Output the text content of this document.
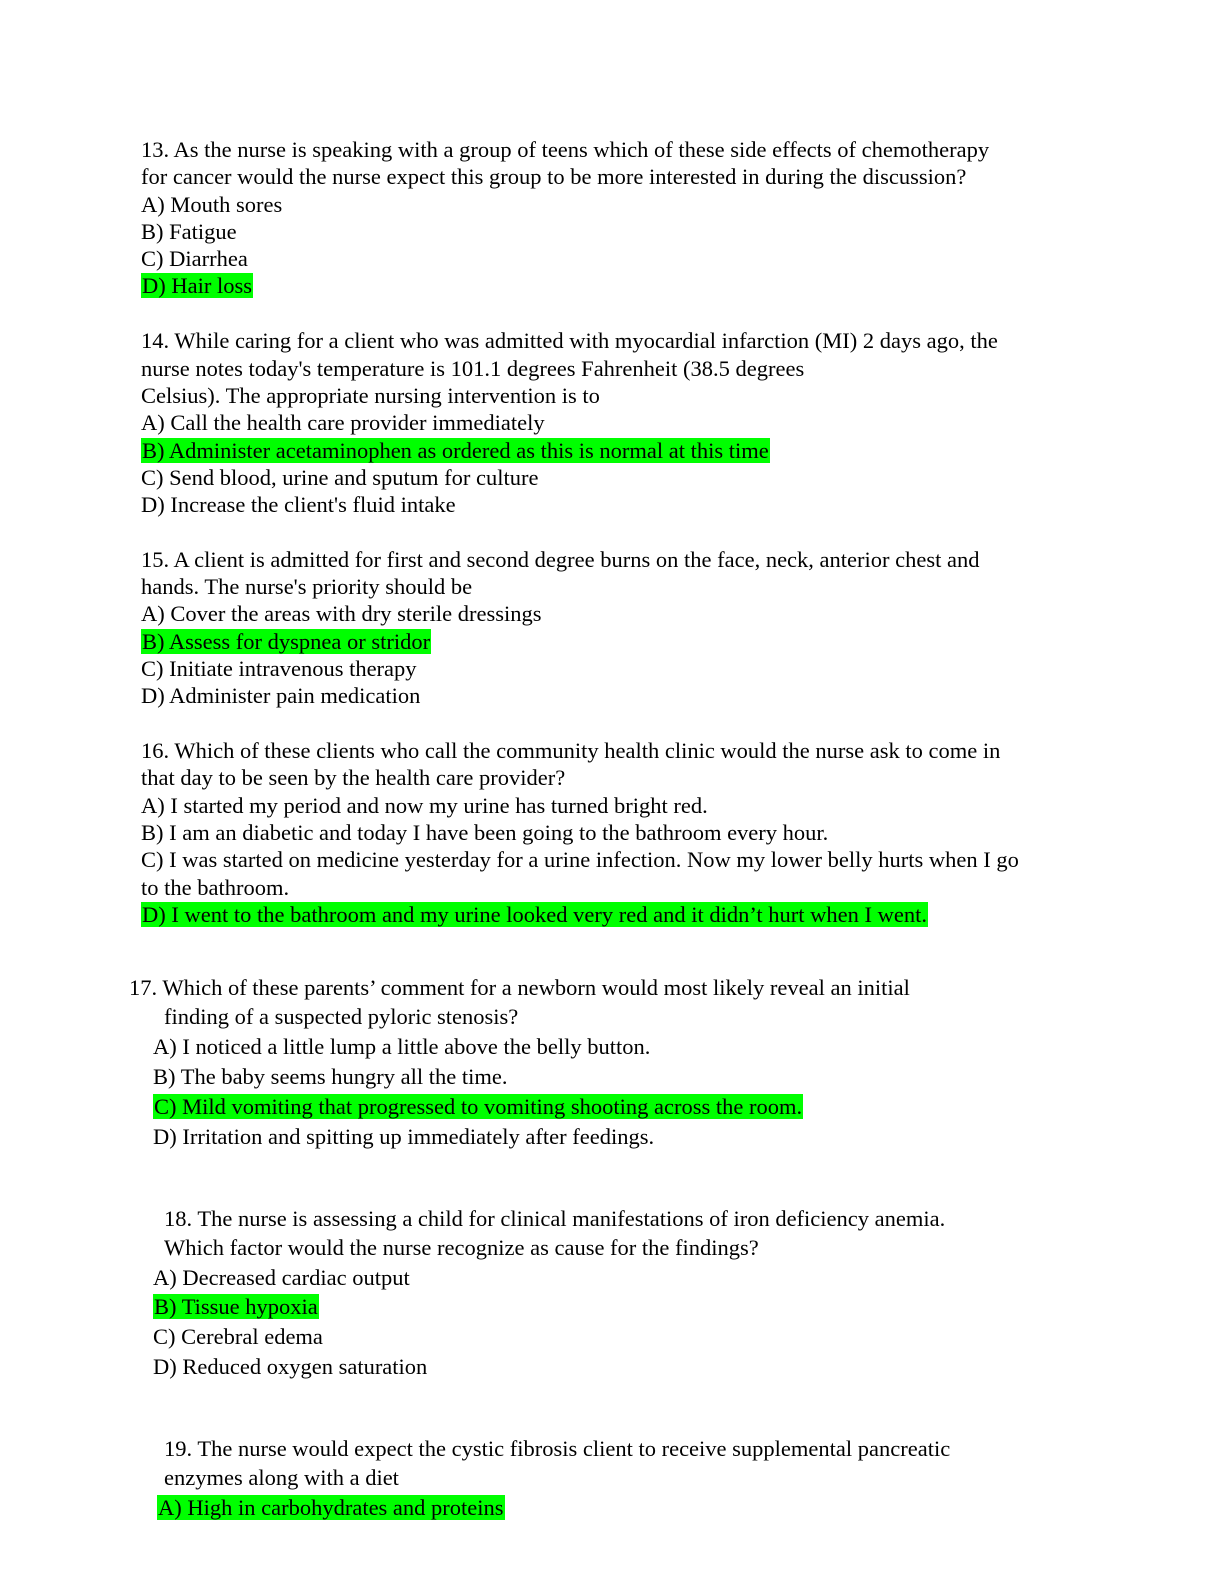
13. As the nurse is speaking with a group of teens which of these side effects of chemotherapy
for cancer would the nurse expect this group to be more interested in during the discussion?
A) Mouth sores
B) Fatigue
C) Diarrhea
D) Hair loss
14. While caring for a client who was admitted with myocardial infarction (MI) 2 days ago, the
nurse notes today's temperature is 101.1 degrees Fahrenheit (38.5 degrees
Celsius). The appropriate nursing intervention is to
A) Call the health care provider immediately
B) Administer acetaminophen as ordered as this is normal at this time
C) Send blood, urine and sputum for culture
D) Increase the client's fluid intake
15. A client is admitted for first and second degree burns on the face, neck, anterior chest and
hands. The nurse's priority should be
A) Cover the areas with dry sterile dressings
B) Assess for dyspnea or stridor
C) Initiate intravenous therapy
D) Administer pain medication
16. Which of these clients who call the community health clinic would the nurse ask to come in
that day to be seen by the health care provider?
A) I started my period and now my urine has turned bright red.
B) I am an diabetic and today I have been going to the bathroom every hour.
C) I was started on medicine yesterday for a urine infection. Now my lower belly hurts when I go
to the bathroom.
D) I went to the bathroom and my urine looked very red and it didn’t hurt when I went.
17. Which of these parents’ comment for a newborn would most likely reveal an initial
finding of a suspected pyloric stenosis?
A) I noticed a little lump a little above the belly button.
B) The baby seems hungry all the time.
C) Mild vomiting that progressed to vomiting shooting across the room.
D) Irritation and spitting up immediately after feedings.
18. The nurse is assessing a child for clinical manifestations of iron deficiency anemia.
Which factor would the nurse recognize as cause for the findings?
A) Decreased cardiac output
B) Tissue hypoxia
C) Cerebral edema
D) Reduced oxygen saturation
19. The nurse would expect the cystic fibrosis client to receive supplemental pancreatic
enzymes along with a diet
A) High in carbohydrates and proteins
